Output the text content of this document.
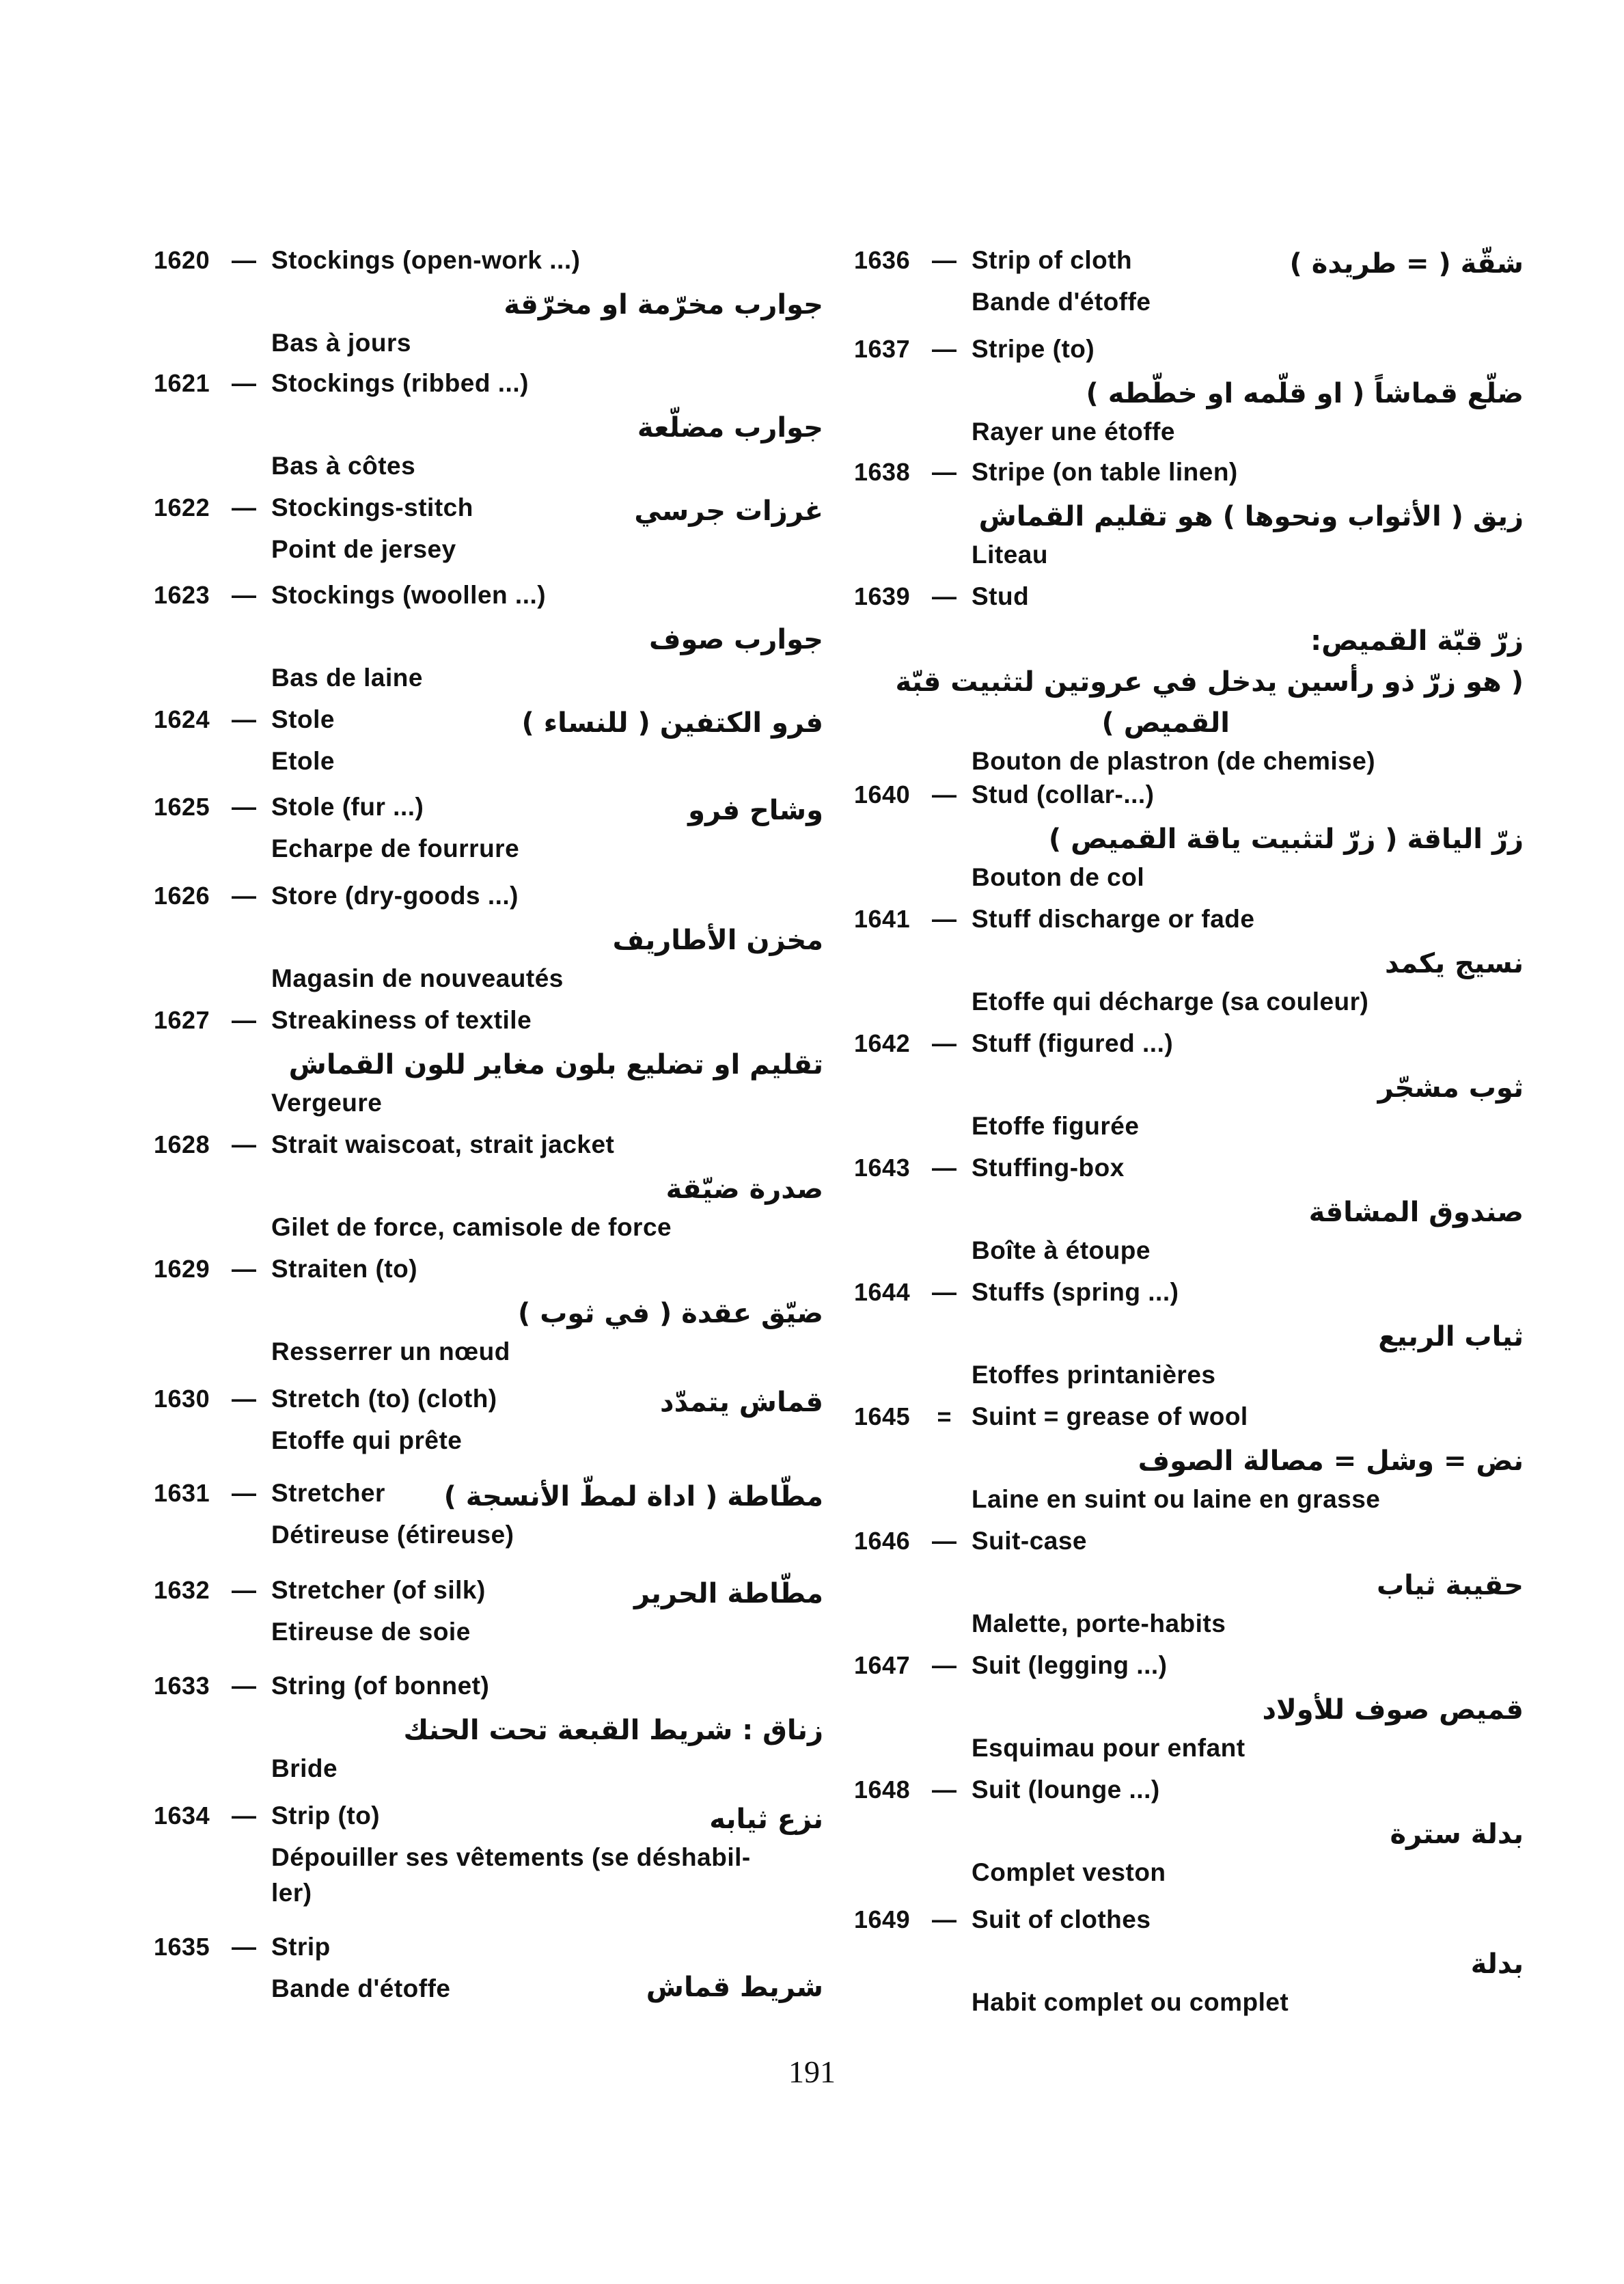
1620 — Stockings (open-work ...)
جوارب مخرّمة او مخرّقة
Bas à jours
1621 — Stockings (ribbed ...)
جوارب مضلّعة
Bas à côtes
1622 — Stockings-stitch	غرزات جرسي
Point de jersey
1623 — Stockings (woollen ...)
جوارب صوف
Bas de laine
1624 — Stole	فرو الكتفين ( للنساء )
Etole
1625 — Stole (fur ...)	وشاح فرو
Echarpe de fourrure
1626 — Store (dry-goods ...)
مخزن الأطاريف
Magasin de nouveautés
1627 — Streakiness of textile
تقليم او تضليع بلون مغاير للون القماش
Vergeure
1628 — Strait waiscoat, strait jacket
صدرة ضيّقة
Gilet de force, camisole de force
1629 — Straiten (to)
ضيّق عقدة ( في ثوب )
Resserrer un nœud
1630 — Stretch (to) (cloth)	قماش يتمدّد
Etoffe qui prête
1631 — Stretcher مطّاطة ( اداة لمطّ الأنسجة )
Détireuse (étireuse)
1632 — Stretcher (of silk)	مطّاطة الحرير
Etireuse de soie
1633 — String (of bonnet)
زناق : شريط القبعة تحت الحنك
Bride
1634 — Strip (to)	نزع ثيابه
Dépouiller ses vêtements (se déshabil-
ler)
1635 — Strip
Bande d'étoffe	شريط قماش
1636 — Strip of cloth	شقّة ( = طريدة )
Bande d'étoffe
1637 — Stripe (to)
ضلّع قماشاً ( او قلّمه او خطّطه )
Rayer une étoffe
1638 — Stripe (on table linen)
زيق ( الأثواب ونحوها ) هو تقليم القماش
Liteau
1639 — Stud
زرّ قبّة القميص:
( هو زرّ ذو رأسين يدخل في عروتين لتثبيت قبّة
القميص )
Bouton de plastron (de chemise)
1640 — Stud (collar-...)
زرّ الياقة ( زرّ لتثبيت ياقة القميص )
Bouton de col
1641 — Stuff discharge or fade
نسيج يكمد
Etoffe qui décharge (sa couleur)
1642 — Stuff (figured ...)
ثوب مشجّر
Etoffe figurée
1643 — Stuffing-box
صندوق المشاقة
Boîte à étoupe
1644 — Stuffs (spring ...)
ثياب الربيع
Etoffes printanières
1645	= Suint = grease of wool
نض = وشل = مصالة الصوف
Laine en suint ou laine en grasse
1646 — Suit-case
حقيبة ثياب
Malette, porte-habits
1647 — Suit (legging ...)
قميص صوف للأولاد
Esquimau pour enfant
1648 — Suit (lounge ...)
بدلة سترة
Complet veston
1649 — Suit of clothes
بدلة
Habit complet ou complet
191
